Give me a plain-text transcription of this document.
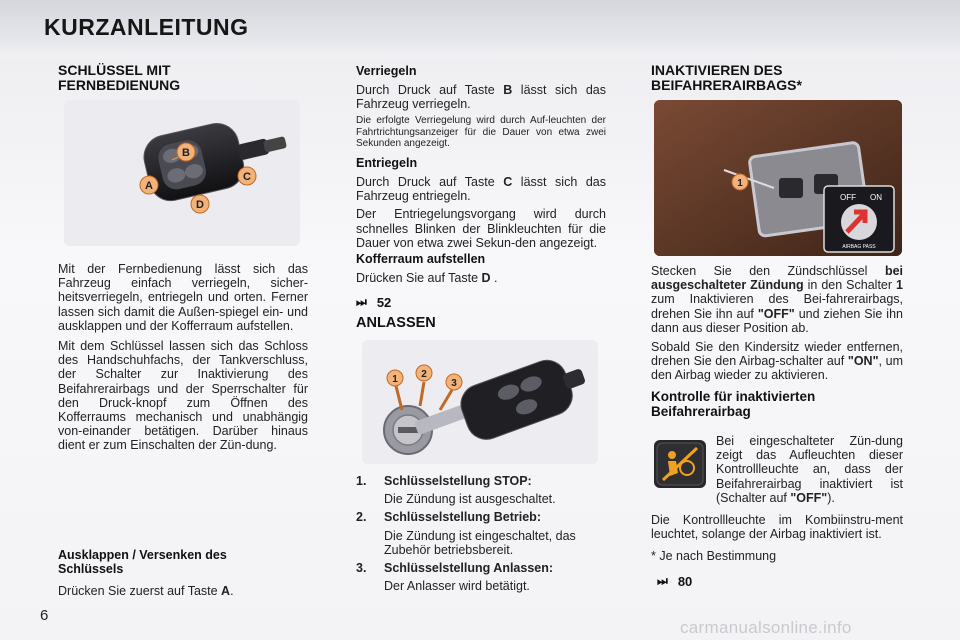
KURZANLEITUNG
SCHLÜSSEL MIT FERNBEDIENUNG
B
A
C
D

Mit der Fernbedienung lässt sich das Fahrzeug einfach verriegeln, sicher-heitsverriegeln, entriegeln und orten. Ferner lassen sich damit die Außen-spiegel ein- und ausklappen und der Kofferraum aufstellen.

Mit dem Schlüssel lassen sich das Schloss des Handschuhfachs, der Tankverschluss, der Schalter zur Inaktivierung des Beifahrerairbags und der Sperrschalter für den Druck-knopf zum Öffnen des Kofferraums mechanisch und unabhängig von-einander betätigen. Darüber hinaus dient er zum Einschalten der Zün-dung.

Ausklappen / Versenken des Schlüssels

Drücken Sie zuerst auf Taste A.

Verriegeln

Durch Druck auf Taste B lässt sich das Fahrzeug verriegeln.

Die erfolgte Verriegelung wird durch Auf-leuchten der Fahrtrichtungsanzeiger für die Dauer von etwa zwei Sekunden angezeigt.

Entriegeln

Durch Druck auf Taste C lässt sich das Fahrzeug entriegeln.

Der Entriegelungsvorgang wird durch schnelles Blinken der Blinkleuchten für die Dauer von etwa zwei Sekun-den angezeigt.

Kofferraum aufstellen

Drücken Sie auf Taste D .

⏭ 52
ANLASSEN
1 2
3
1. Schlüsselstellung STOP:
Die Zündung ist ausgeschaltet.
2. Schlüsselstellung Betrieb:
Die Zündung ist eingeschaltet, das Zubehör betriebsbereit.
3. Schlüsselstellung Anlassen:
Der Anlasser wird betätigt.
INAKTIVIEREN DES BEIFAHRERAIRBAGS*
1
OFF ON
AIRBAG PASS

Stecken Sie den Zündschlüssel bei ausgeschalteter Zündung in den Schalter 1 zum Inaktivieren des Bei-fahrerairbags, drehen Sie ihn auf "OFF" und ziehen Sie ihn dann aus dieser Position ab.

Sobald Sie den Kindersitz wieder entfernen, drehen Sie den Airbag-schalter auf "ON", um den Airbag wieder zu aktivieren.

Kontrolle für inaktivierten Beifahrerairbag

Bei eingeschalteter Zün-dung zeigt das Aufleuchten dieser Kontrollleuchte an, dass der Beifahrerairbag inaktiviert ist (Schalter auf "OFF").

Die Kontrollleuchte im Kombiinstru-ment leuchtet, solange der Airbag inaktiviert ist.

* Je nach Bestimmung

⏭ 80
6
carmanualsonline.info
